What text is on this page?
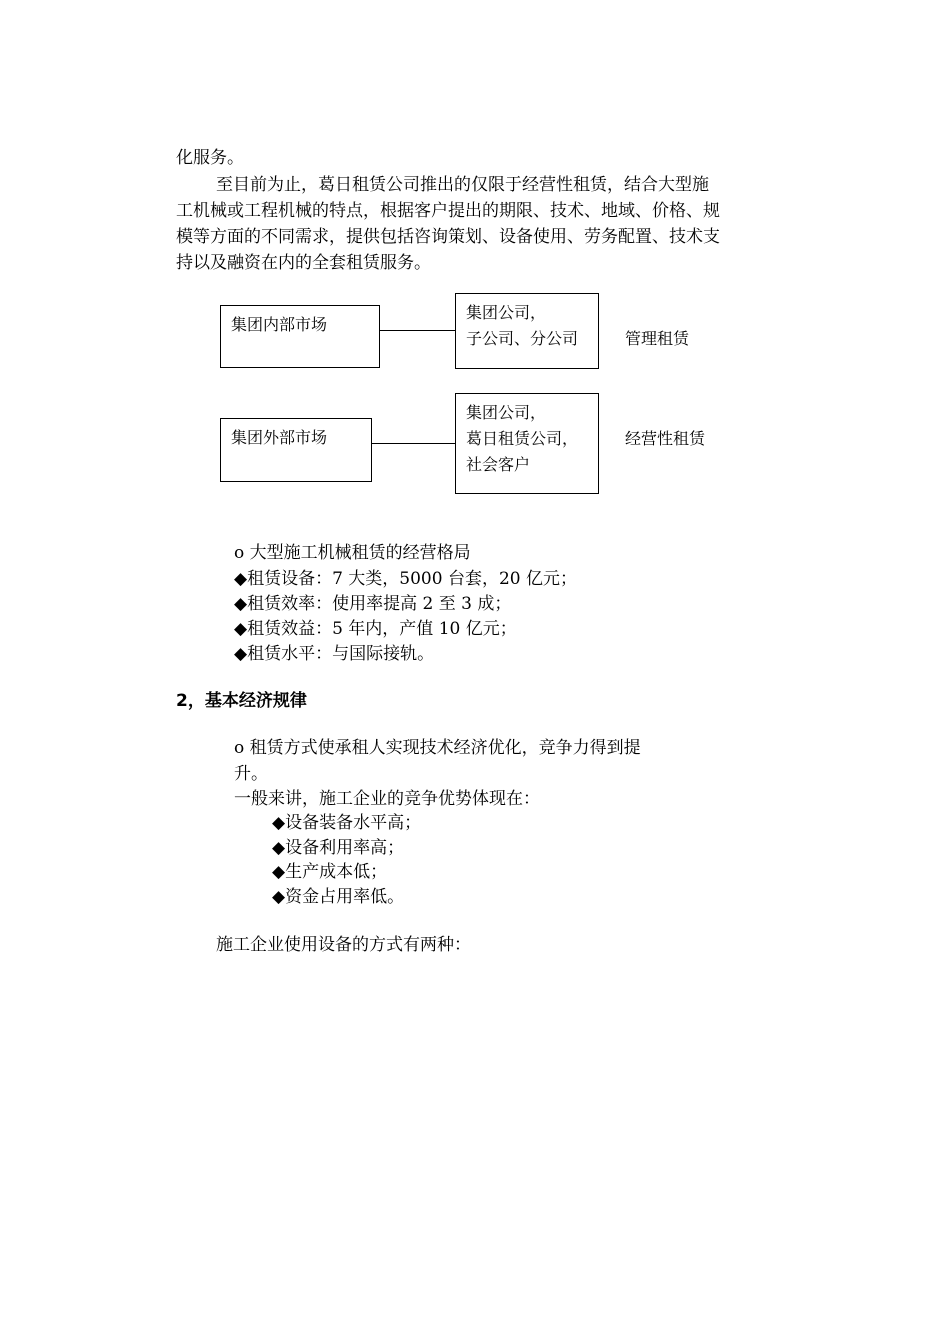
化服务。
至目前为止，葛日租赁公司推出的仅限于经营性租赁，结合大型施
工机械或工程机械的特点，根据客户提出的期限、技术、地域、价格、规
模等方面的不同需求，提供包括咨询策划、设备使用、劳务配置、技术支
持以及融资在内的全套租赁服务。
集团内部市场
集团公司，
子公司、分公司	管理租赁
集团外部市场
集团公司，
葛日租赁公司，
社会客户
经营性租赁
o 大型施工机械租赁的经营格局
◆租赁设备：7 大类，5000 台套，20 亿元；
◆租赁效率：使用率提高 2 至 3 成；
◆租赁效益：5 年内，产值 10 亿元；
◆租赁水平：与国际接轨。
2，基本经济规律
o 租赁方式使承租人实现技术经济优化，竞争力得到提
升。
一般来讲，施工企业的竞争优势体现在：
◆设备装备水平高；
◆设备利用率高；
◆生产成本低；
◆资金占用率低。
施工企业使用设备的方式有两种：
